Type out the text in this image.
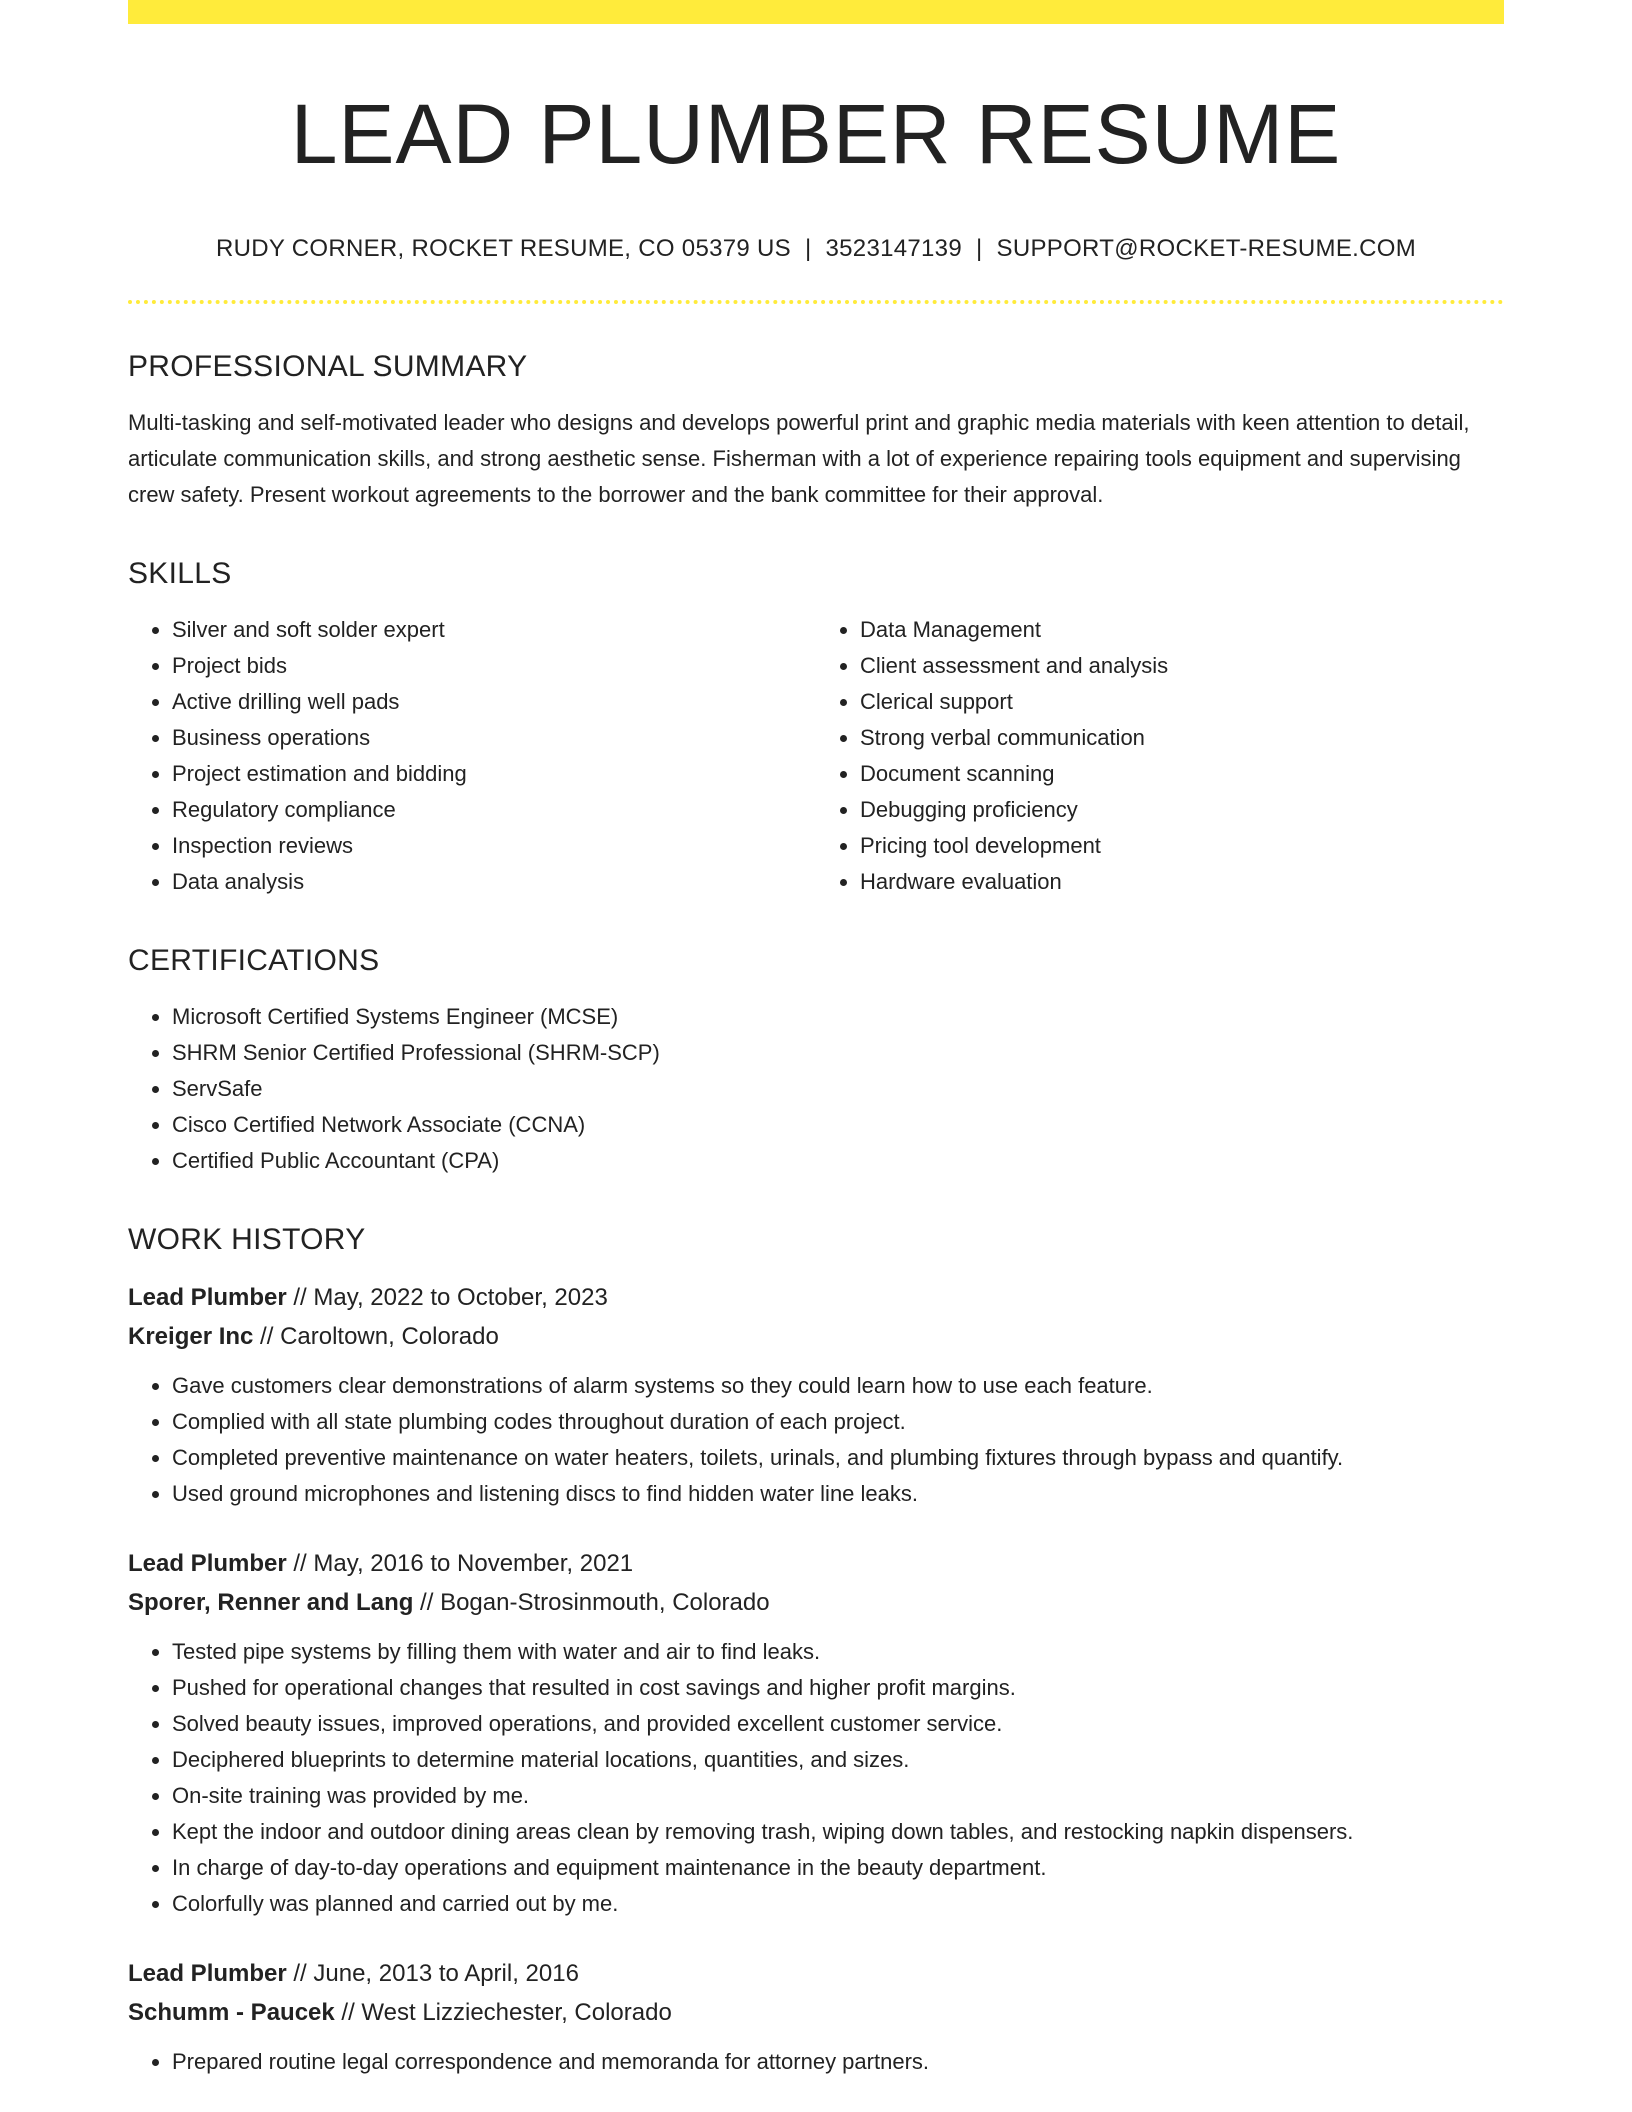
LEAD PLUMBER RESUME
RUDY CORNER, ROCKET RESUME, CO 05379 US | 3523147139 | SUPPORT@ROCKET-RESUME.COM
PROFESSIONAL SUMMARY

Multi-tasking and self-motivated leader who designs and develops powerful print and graphic media materials with keen attention to detail, articulate communication skills, and strong aesthetic sense. Fisherman with a lot of experience repairing tools equipment and supervising crew safety. Present workout agreements to the borrower and the bank committee for their approval.

SKILLS
• Silver and soft solder expert
• Project bids
• Active drilling well pads
• Business operations
• Project estimation and bidding
• Regulatory compliance
• Inspection reviews
• Data analysis
• Data Management
• Client assessment and analysis
• Clerical support
• Strong verbal communication
• Document scanning
• Debugging proficiency
• Pricing tool development
• Hardware evaluation
CERTIFICATIONS
• Microsoft Certified Systems Engineer (MCSE)
• SHRM Senior Certified Professional (SHRM-SCP)
• ServSafe
• Cisco Certified Network Associate (CCNA)
• Certified Public Accountant (CPA)
WORK HISTORY
Lead Plumber // May, 2022 to October, 2023
Kreiger Inc // Caroltown, Colorado
• Gave customers clear demonstrations of alarm systems so they could learn how to use each feature.
• Complied with all state plumbing codes throughout duration of each project.
• Completed preventive maintenance on water heaters, toilets, urinals, and plumbing fixtures through bypass and quantify.
• Used ground microphones and listening discs to find hidden water line leaks.
Lead Plumber // May, 2016 to November, 2021
Sporer, Renner and Lang // Bogan-Strosinmouth, Colorado
• Tested pipe systems by filling them with water and air to find leaks.
• Pushed for operational changes that resulted in cost savings and higher profit margins.
• Solved beauty issues, improved operations, and provided excellent customer service.
• Deciphered blueprints to determine material locations, quantities, and sizes.
• On-site training was provided by me.
• Kept the indoor and outdoor dining areas clean by removing trash, wiping down tables, and restocking napkin dispensers.
• In charge of day-to-day operations and equipment maintenance in the beauty department.
• Colorfully was planned and carried out by me.
Lead Plumber // June, 2013 to April, 2016
Schumm - Paucek // West Lizziechester, Colorado
• Prepared routine legal correspondence and memoranda for attorney partners.
